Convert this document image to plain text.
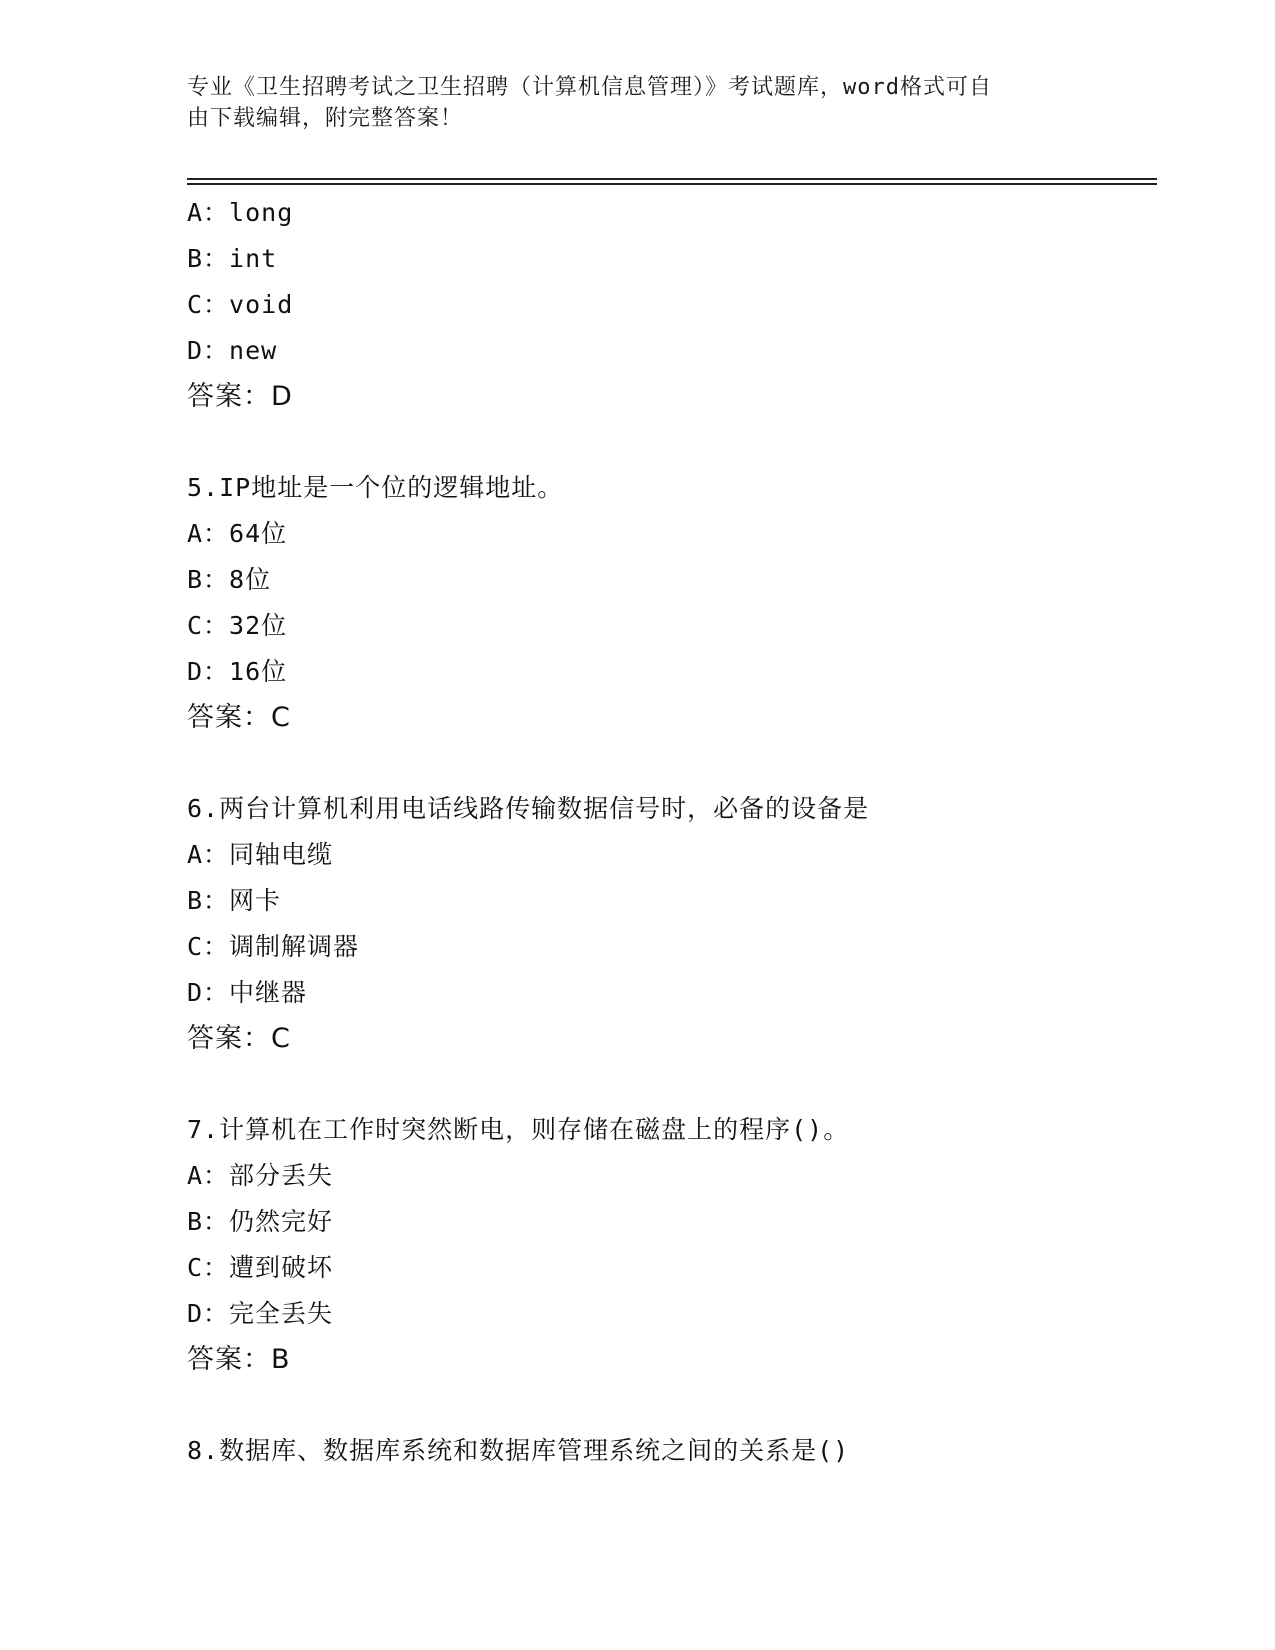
专业《卫生招聘考试之卫生招聘（计算机信息管理）》考试题库，word格式可自
由下载编辑，附完整答案！
A：long
B：int
C：void
D：new
答案：D
5.IP地址是一个位的逻辑地址。
A：64位
B：8位
C：32位
D：16位
答案：C
6.两台计算机利用电话线路传输数据信号时，必备的设备是
A：同轴电缆
B：网卡
C：调制解调器
D：中继器
答案：C
7.计算机在工作时突然断电，则存储在磁盘上的程序()。
A：部分丢失
B：仍然完好
C：遭到破坏
D：完全丢失
答案：B
8.数据库、数据库系统和数据库管理系统之间的关系是()
